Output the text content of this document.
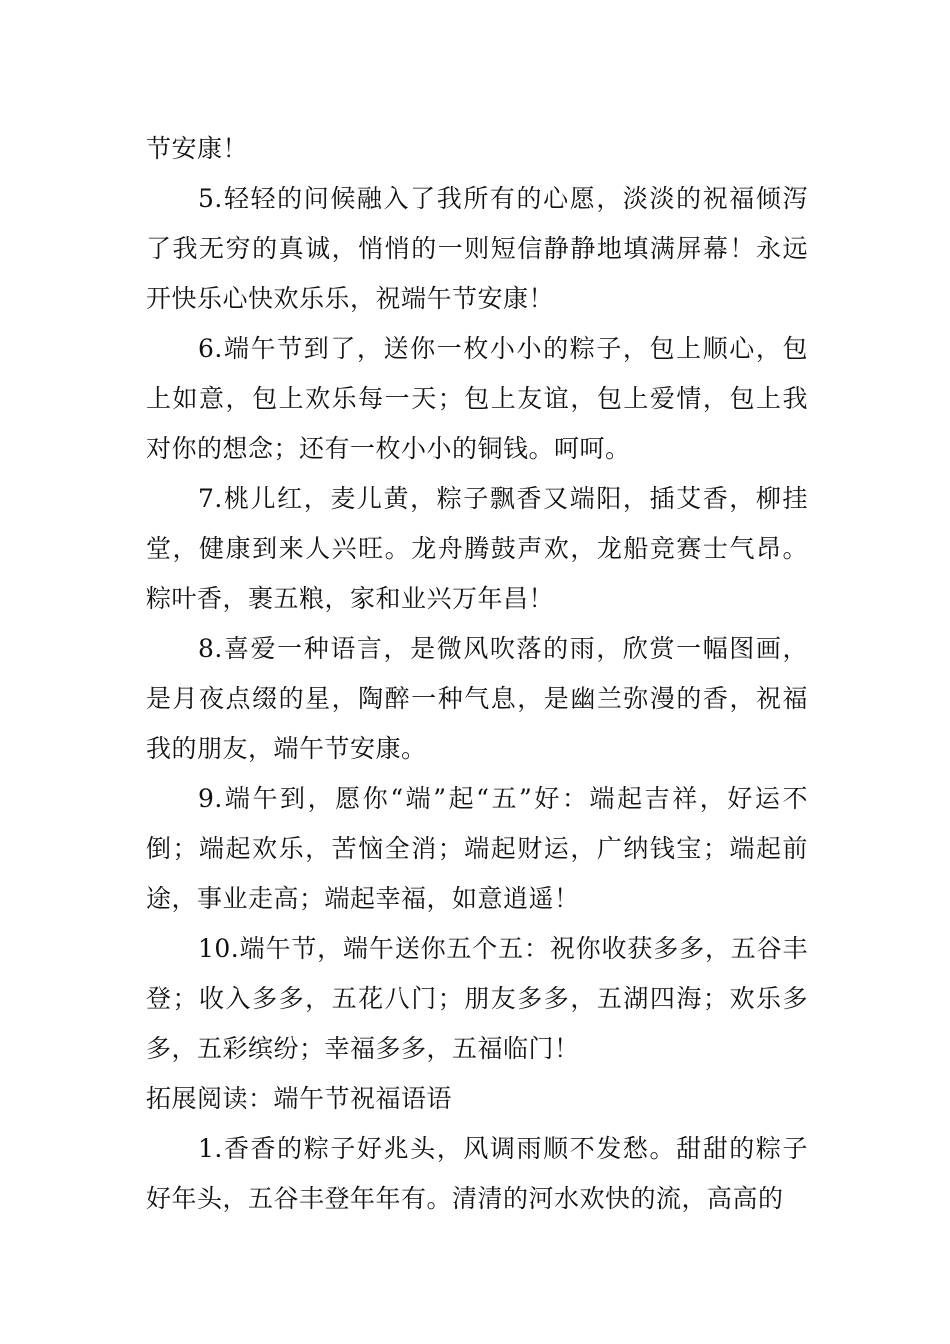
节安康！

5.轻轻的问候融入了我所有的心愿，淡淡的祝福倾泻了我无穷的真诚，悄悄的一则短信静静地填满屏幕！永远开快乐心快欢乐乐，祝端午节安康！

6.端午节到了，送你一枚小小的粽子，包上顺心，包上如意，包上欢乐每一天；包上友谊，包上爱情，包上我对你的想念；还有一枚小小的铜钱。呵呵。

7.桃儿红，麦儿黄，粽子飘香又端阳，插艾香，柳挂堂，健康到来人兴旺。龙舟腾鼓声欢，龙船竞赛士气昂。粽叶香，裹五粮，家和业兴万年昌！

8.喜爱一种语言，是微风吹落的雨，欣赏一幅图画，是月夜点缀的星，陶醉一种气息，是幽兰弥漫的香，祝福我的朋友，端午节安康。

9.端午到，愿你“端”起“五”好：端起吉祥，好运不倒；端起欢乐，苦恼全消；端起财运，广纳钱宝；端起前途，事业走高；端起幸福，如意逍遥！

10.端午节，端午送你五个五：祝你收获多多，五谷丰登；收入多多，五花八门；朋友多多，五湖四海；欢乐多多，五彩缤纷；幸福多多，五福临门！

拓展阅读：端午节祝福语语

1.香香的粽子好兆头，风调雨顺不发愁。甜甜的粽子好年头，五谷丰登年年有。清清的河水欢快的流，高高的
